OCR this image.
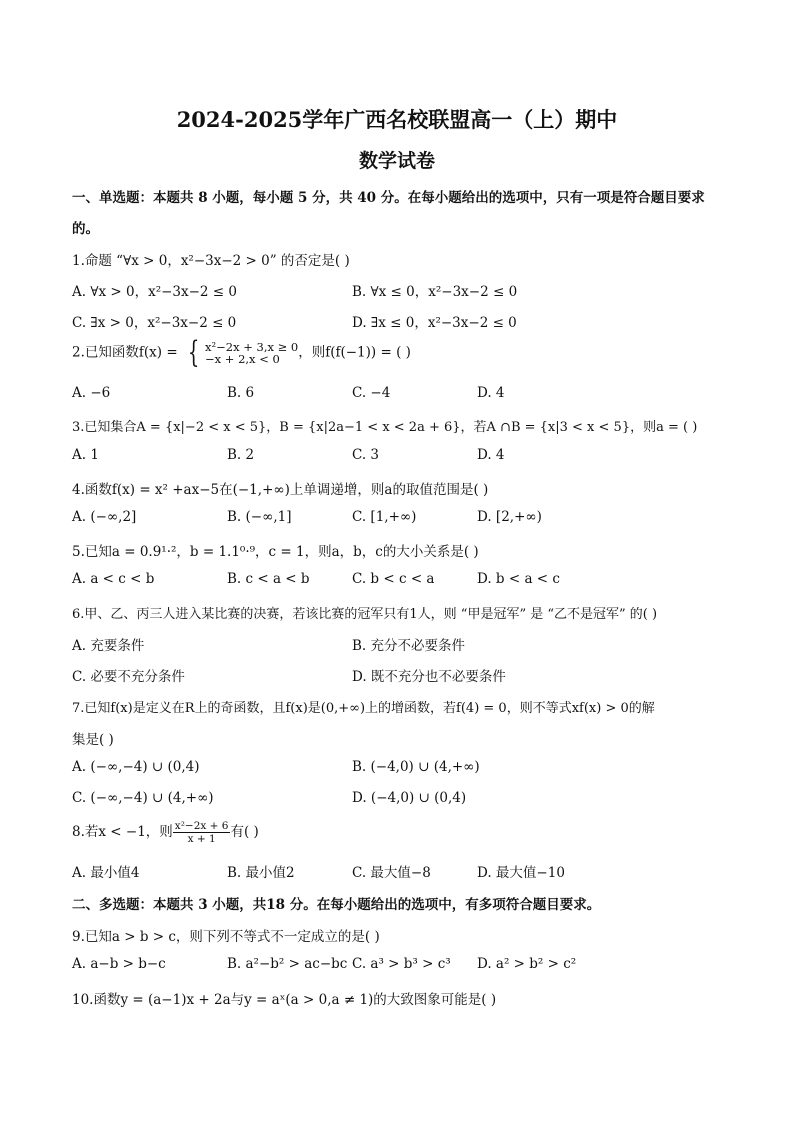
2024-2025学年广西名校联盟高一（上）期中
数学试卷
一、单选题：本题共 8 小题，每小题 5 分，共 40 分。在每小题给出的选项中，只有一项是符合题目要求
的。
1.命题 “∀x > 0，x²−3x−2 > 0” 的否定是( )
A. ∀x > 0，x²−3x−2 ≤ 0	B. ∀x ≤ 0，x²−3x−2 ≤ 0
C. ∃x > 0，x²−3x−2 ≤ 0	D. ∃x ≤ 0，x²−3x−2 ≤ 0
2.已知函数f(x) = { x²−2x + 3,x ≥ 0
−x + 2,x < 0	，则f(f(−1)) = ( )
A. −6	B. 6	C. −4	D. 4
3.已知集合A = {x|−2 < x < 5}，B = {x|2a−1 < x < 2a + 6}，若A ∩B = {x|3 < x < 5}，则a = ( )
A. 1	B. 2	C. 3	D. 4
4.函数f(x) = x² +ax−5在(−1,+∞)上单调递增，则a的取值范围是( )
A. (−∞,2]	B. (−∞,1]	C. [1,+∞)	D. [2,+∞)
5.已知a = 0.9¹·²，b = 1.1⁰·⁹，c = 1，则a，b，c的大小关系是( )
A. a < c < b	B. c < a < b	C. b < c < a	D. b < a < c
6.甲、乙、丙三人进入某比赛的决赛，若该比赛的冠军只有1人，则 “甲是冠军” 是 “乙不是冠军” 的( )
A. 充要条件	B. 充分不必要条件
C. 必要不充分条件	D. 既不充分也不必要条件
7.已知f(x)是定义在R上的奇函数，且f(x)是(0,+∞)上的增函数，若f(4) = 0，则不等式xf(x) > 0的解
集是( )
A. (−∞,−4) ∪ (0,4)	B. (−4,0) ∪ (4,+∞)
C. (−∞,−4) ∪ (4,+∞)	D. (−4,0) ∪ (0,4)
8.若x < −1，则 $\frac{\text{x²−2x + 6}}{x + 1}$ 有( )
A. 最小值4	B. 最小值2	C. 最大值−8	D. 最大值−10
二、多选题：本题共 3 小题，共18 分。在每小题给出的选项中，有多项符合题目要求。
9.已知a > b > c，则下列不等式不一定成立的是( )
A. a−b > b−c	B. a²−b² > ac−bc C. a³ > b³ > c³ D. a² > b² > c²
10.函数y = (a−1)x + 2a与y = aˣ(a > 0,a ≠ 1)的大致图象可能是( )
